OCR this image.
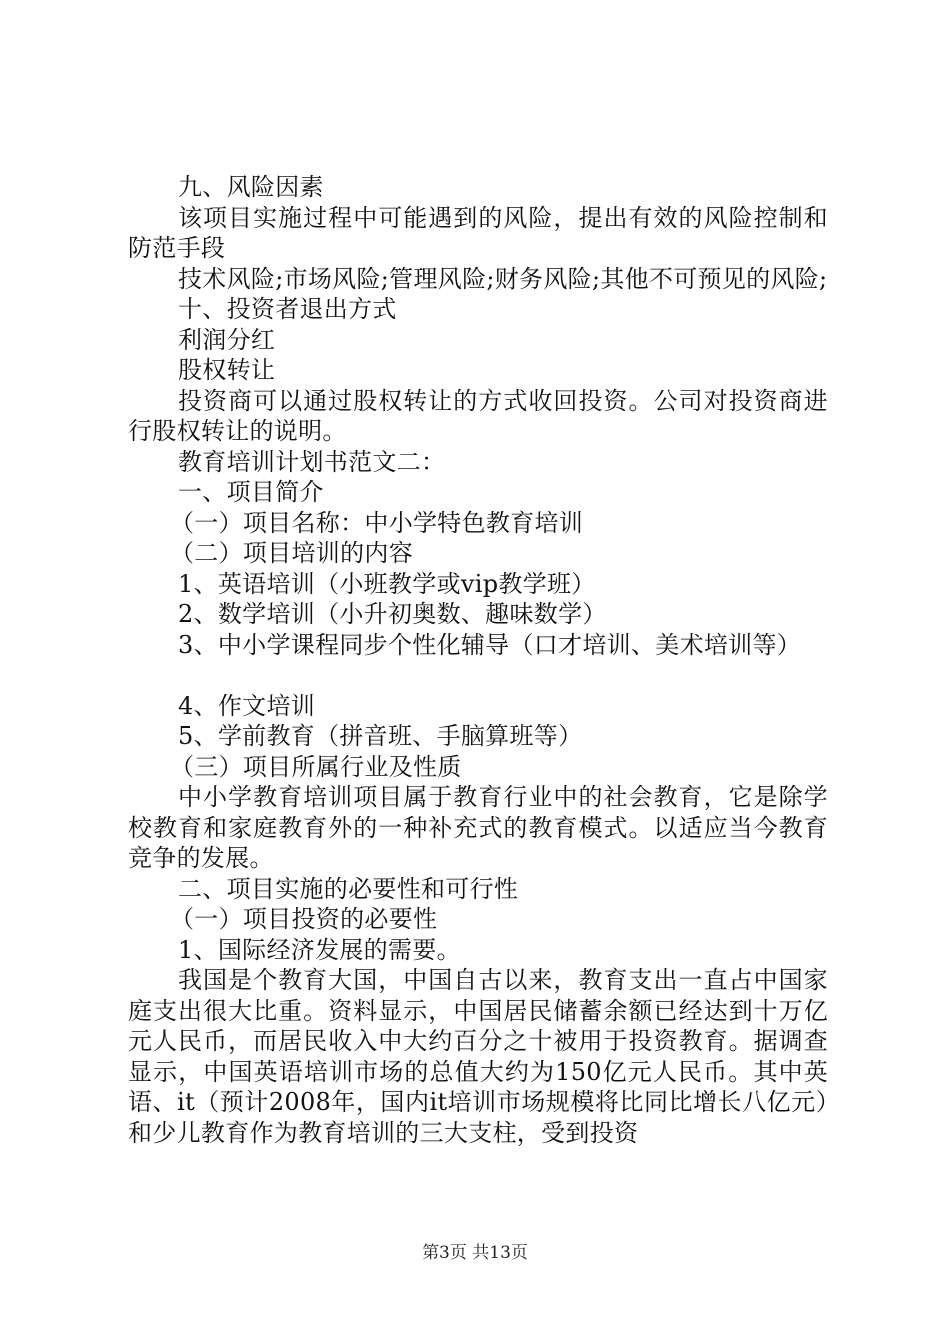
九、风险因素

该项目实施过程中可能遇到的风险，提出有效的风险控制和防范手段

技术风险;市场风险;管理风险;财务风险;其他不可预见的风险;

十、投资者退出方式

利润分红

股权转让

投资商可以通过股权转让的方式收回投资。公司对投资商进行股权转让的说明。

教育培训计划书范文二：

一、项目简介

（一）项目名称：中小学特色教育培训

（二）项目培训的内容

1、英语培训（小班教学或vip教学班）

2、数学培训（小升初奥数、趣味数学）

3、中小学课程同步个性化辅导（口才培训、美术培训等）

4、作文培训

5、学前教育（拼音班、手脑算班等）

（三）项目所属行业及性质

中小学教育培训项目属于教育行业中的社会教育，它是除学校教育和家庭教育外的一种补充式的教育模式。以适应当今教育竞争的发展。

二、项目实施的必要性和可行性

（一）项目投资的必要性

1、国际经济发展的需要。

我国是个教育大国，中国自古以来，教育支出一直占中国家庭支出很大比重。资料显示，中国居民储蓄余额已经达到十万亿元人民币，而居民收入中大约百分之十被用于投资教育。据调查显示，中国英语培训市场的总值大约为150亿元人民币。其中英语、it（预计2008年，国内it培训市场规模将比同比增长八亿元）和少儿教育作为教育培训的三大支柱，受到投资

第3页 共13页
